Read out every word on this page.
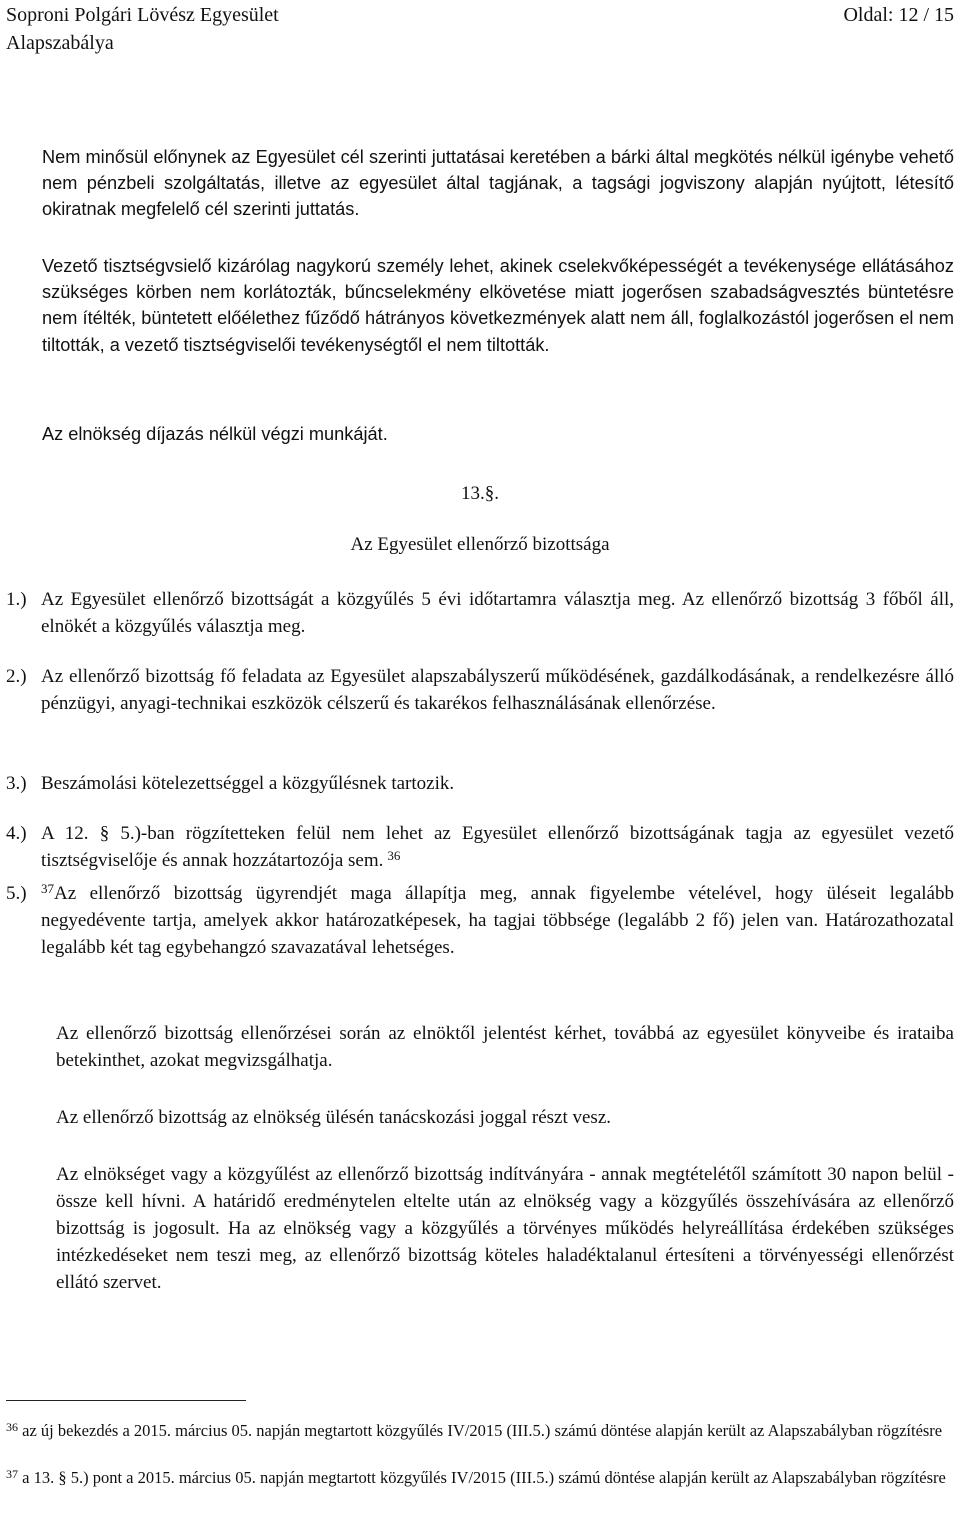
Soproni Polgári Lövész Egyesület	Oldal: 12 / 15
Alapszabálya

Nem minősül előnynek az Egyesület cél szerinti juttatásai keretében a bárki által megkötés nélkül igénybe vehető nem pénzbeli szolgáltatás, illetve az egyesület által tagjának, a tagsági jogviszony alapján nyújtott, létesítő okiratnak megfelelő cél szerinti juttatás.

Vezető tisztségvsielő kizárólag nagykorú személy lehet, akinek cselekvőképességét a tevékenysége ellátásához szükséges körben nem korlátozták, bűncselekmény elkövetése miatt jogerősen szabadságvesztés büntetésre nem ítélték, büntetett előélethez fűződő hátrányos következmények alatt nem áll, foglalkozástól jogerősen el nem tiltották, a vezető tisztségviselői tevékenységtől el nem tiltották.

Az elnökség díjazás nélkül végzi munkáját.

13.§.
Az Egyesület ellenőrző bizottsága
1.) Az Egyesület ellenőrző bizottságát a közgyűlés 5 évi időtartamra választja meg. Az ellenőrző bizottság 3 főből áll, elnökét a közgyűlés választja meg.
2.) Az ellenőrző bizottság fő feladata az Egyesület alapszabályszerű működésének, gazdálkodásának, a rendelkezésre álló pénzügyi, anyagi-technikai eszközök célszerű és takarékos felhasználásának ellenőrzése.
3.) Beszámolási kötelezettséggel a közgyűlésnek tartozik.
4.) A 12. § 5.)-ban rögzítetteken felül nem lehet az Egyesület ellenőrző bizottságának tagja az egyesület vezető tisztségviselője és annak hozzátartozója sem. $^{36}$
5.)	$^{37}$Az ellenőrző bizottság ügyrendjét maga állapítja meg, annak figyelembe vételével, hogy üléseit legalább negyedévente tartja, amelyek akkor határozatképesek, ha tagjai többsége (legalább 2 fő) jelen van. Határozathozatal legalább két tag egybehangzó szavazatával lehetséges.

Az ellenőrző bizottság ellenőrzései során az elnöktől jelentést kérhet, továbbá az egyesület könyveibe és irataiba betekinthet, azokat megvizsgálhatja.

Az ellenőrző bizottság az elnökség ülésén tanácskozási joggal részt vesz.

Az elnökséget vagy a közgyűlést az ellenőrző bizottság indítványára - annak megtételétől számított 30 napon belül - össze kell hívni. A határidő eredménytelen eltelte után az elnökség vagy a közgyűlés összehívására az ellenőrző bizottság is jogosult. Ha az elnökség vagy a közgyűlés a törvényes működés helyreállítása érdekében szükséges intézkedéseket nem teszi meg, az ellenőrző bizottság köteles haladéktalanul értesíteni a törvényességi ellenőrzést ellátó szervet.

$^{36}$ az új bekezdés a 2015. március 05. napján megtartott közgyűlés IV/2015 (III.5.) számú döntése alapján került az Alapszabályban rögzítésre
$^{37}$ a 13. § 5.) pont a 2015. március 05. napján megtartott közgyűlés IV/2015 (III.5.) számú döntése alapján került az Alapszabályban rögzítésre
